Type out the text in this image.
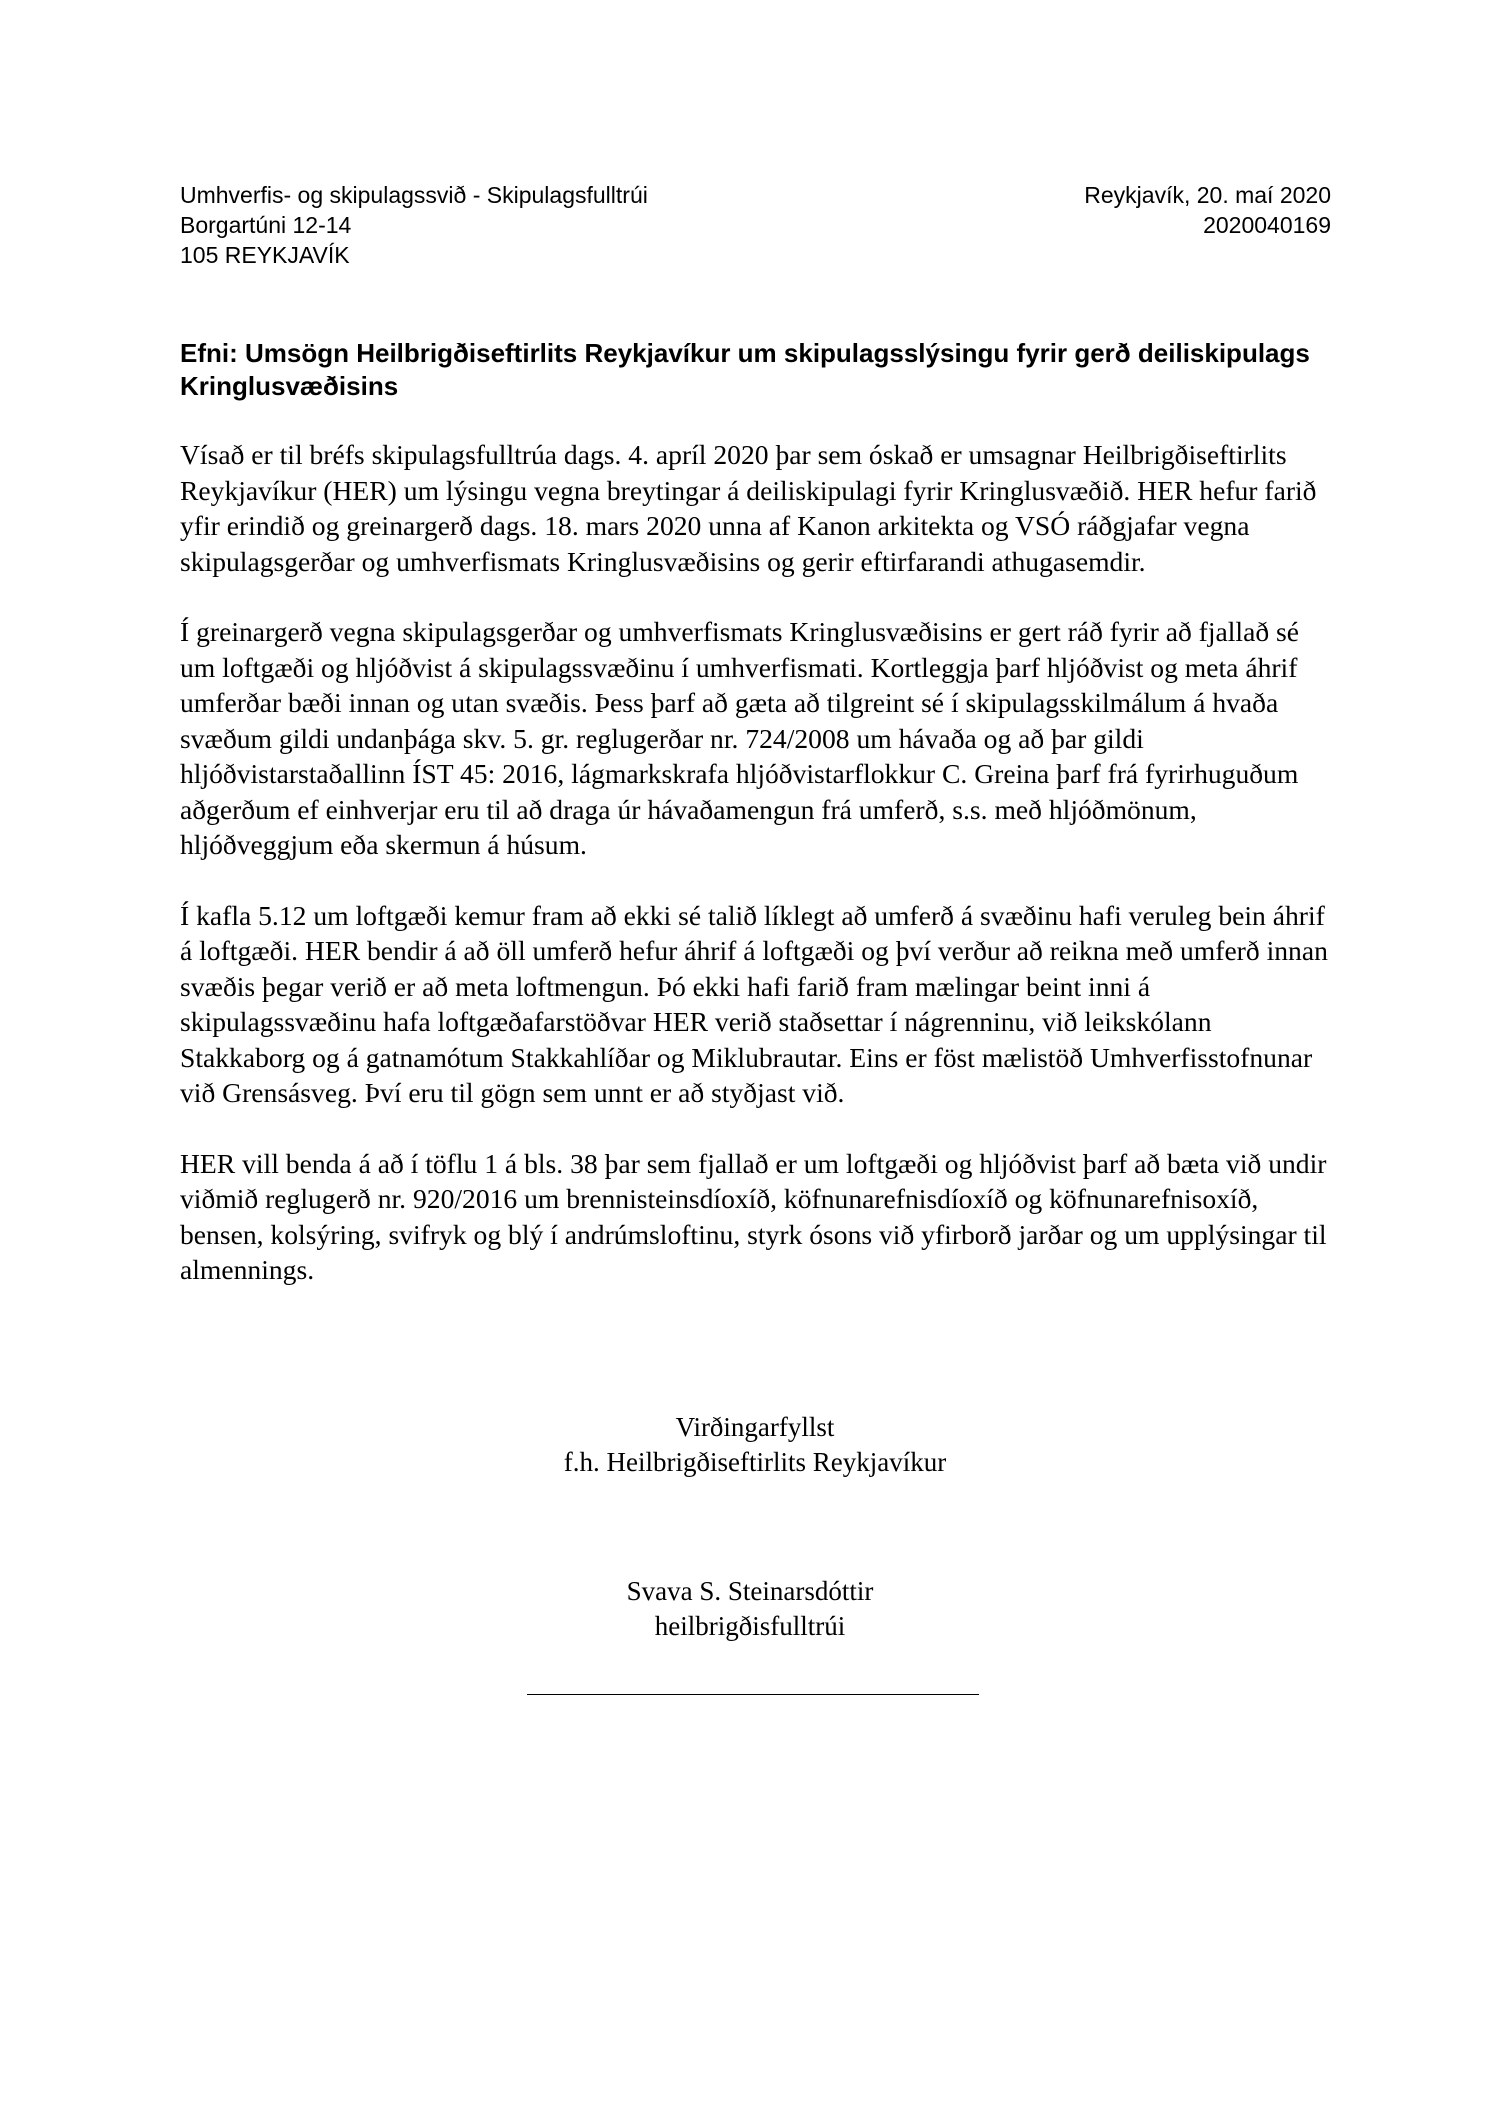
Umhverfis- og skipulagssvið - Skipulagsfulltrúi
Borgartúni 12-14
105 REYKJAVÍK
Reykjavík, 20. maí 2020
2020040169
Efni: Umsögn Heilbrigðiseftirlits Reykjavíkur um skipulagsslýsingu fyrir gerð deiliskipulags Kringlusvæðisins

Vísað er til bréfs skipulagsfulltrúa dags. 4. apríl 2020 þar sem óskað er umsagnar Heilbrigðiseftirlits Reykjavíkur (HER) um lýsingu vegna breytingar á deiliskipulagi fyrir Kringlusvæðið. HER hefur farið yfir erindið og greinargerð dags. 18. mars 2020 unna af Kanon arkitekta og VSÓ ráðgjafar vegna skipulagsgerðar og umhverfismats Kringlusvæðisins og gerir eftirfarandi athugasemdir.

Í greinargerð vegna skipulagsgerðar og umhverfismats Kringlusvæðisins er gert ráð fyrir að fjallað sé um loftgæði og hljóðvist á skipulagssvæðinu í umhverfismati. Kortleggja þarf hljóðvist og meta áhrif umferðar bæði innan og utan svæðis. Þess þarf að gæta að tilgreint sé í skipulagsskilmálum á hvaða svæðum gildi undanþága skv. 5. gr. reglugerðar nr. 724/2008 um hávaða og að þar gildi hljóðvistarstaðallinn ÍST 45: 2016, lágmarkskrafa hljóðvistarflokkur C. Greina þarf frá fyrirhuguðum aðgerðum ef einhverjar eru til að draga úr hávaðamengun frá umferð, s.s. með hljóðmönum, hljóðveggjum eða skermun á húsum.

Í kafla 5.12 um loftgæði kemur fram að ekki sé talið líklegt að umferð á svæðinu hafi veruleg bein áhrif á loftgæði. HER bendir á að öll umferð hefur áhrif á loftgæði og því verður að reikna með umferð innan svæðis þegar verið er að meta loftmengun. Þó ekki hafi farið fram mælingar beint inni á skipulagssvæðinu hafa loftgæðafarstöðvar HER verið staðsettar í nágrenninu, við leikskólann Stakkaborg og á gatnamótum Stakkahlíðar og Miklubrautar. Eins er föst mælistöð Umhverfisstofnunar við Grensásveg. Því eru til gögn sem unnt er að styðjast við.

HER vill benda á að í töflu 1 á bls. 38 þar sem fjallað er um loftgæði og hljóðvist þarf að bæta við undir viðmið reglugerð nr. 920/2016 um brennisteinsdíoxíð, köfnunarefnisdíoxíð og köfnunarefnisoxíð, bensen, kolsýring, svifryk og blý í andrúmsloftinu, styrk ósons við yfirborð jarðar og um upplýsingar til almennings.

Virðingarfyllst
f.h. Heilbrigðiseftirlits Reykjavíkur
Svava S. Steinarsdóttir
heilbrigðisfulltrúi
